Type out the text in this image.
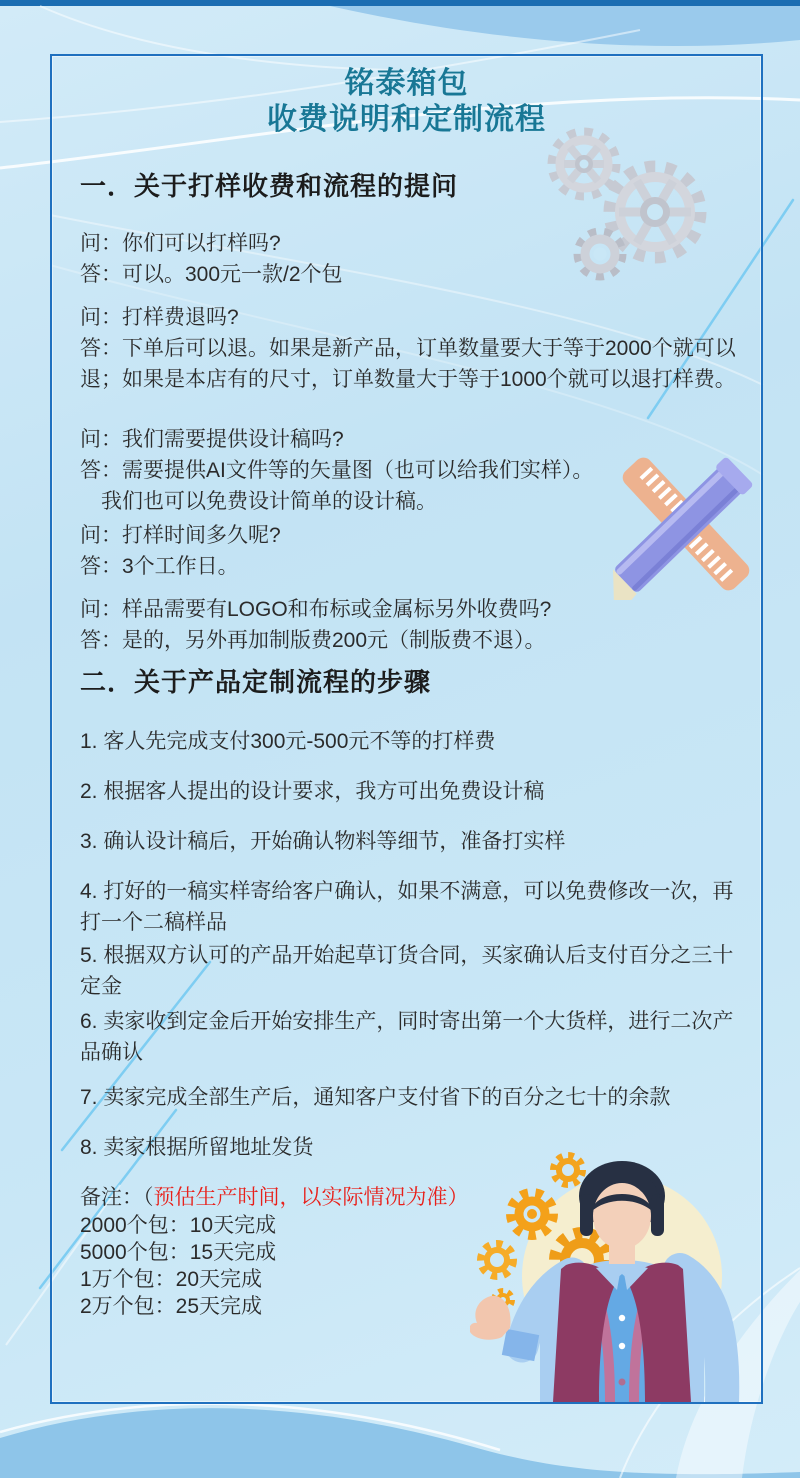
铭泰箱包
收费说明和定制流程
一．关于打样收费和流程的提问
问：你们可以打样吗?
答：可以。300元一款/2个包
问：打样费退吗?
答：下单后可以退。如果是新产品，订单数量要大于等于2000个就可以退；如果是本店有的尺寸，订单数量大于等于1000个就可以退打样费。
问：我们需要提供设计稿吗?
答：需要提供AI文件等的矢量图（也可以给我们实样）。
　我们也可以免费设计简单的设计稿。
问：打样时间多久呢?
答：3个工作日。
问：样品需要有LOGO和布标或金属标另外收费吗?
答：是的，另外再加制版费200元（制版费不退）。
二．关于产品定制流程的步骤
1. 客人先完成支付300元-500元不等的打样费
2. 根据客人提出的设计要求，我方可出免费设计稿
3. 确认设计稿后，开始确认物料等细节，准备打实样
4. 打好的一稿实样寄给客户确认，如果不满意，可以免费修改一次，再打一个二稿样品
5. 根据双方认可的产品开始起草订货合同，买家确认后支付百分之三十定金
6. 卖家收到定金后开始安排生产，同时寄出第一个大货样，进行二次产品确认
7. 卖家完成全部生产后，通知客户支付省下的百分之七十的余款
8. 卖家根据所留地址发货
备注：（预估生产时间，以实际情况为准）
2000个包：10天完成
5000个包：15天完成
1万个包：20天完成
2万个包：25天完成
